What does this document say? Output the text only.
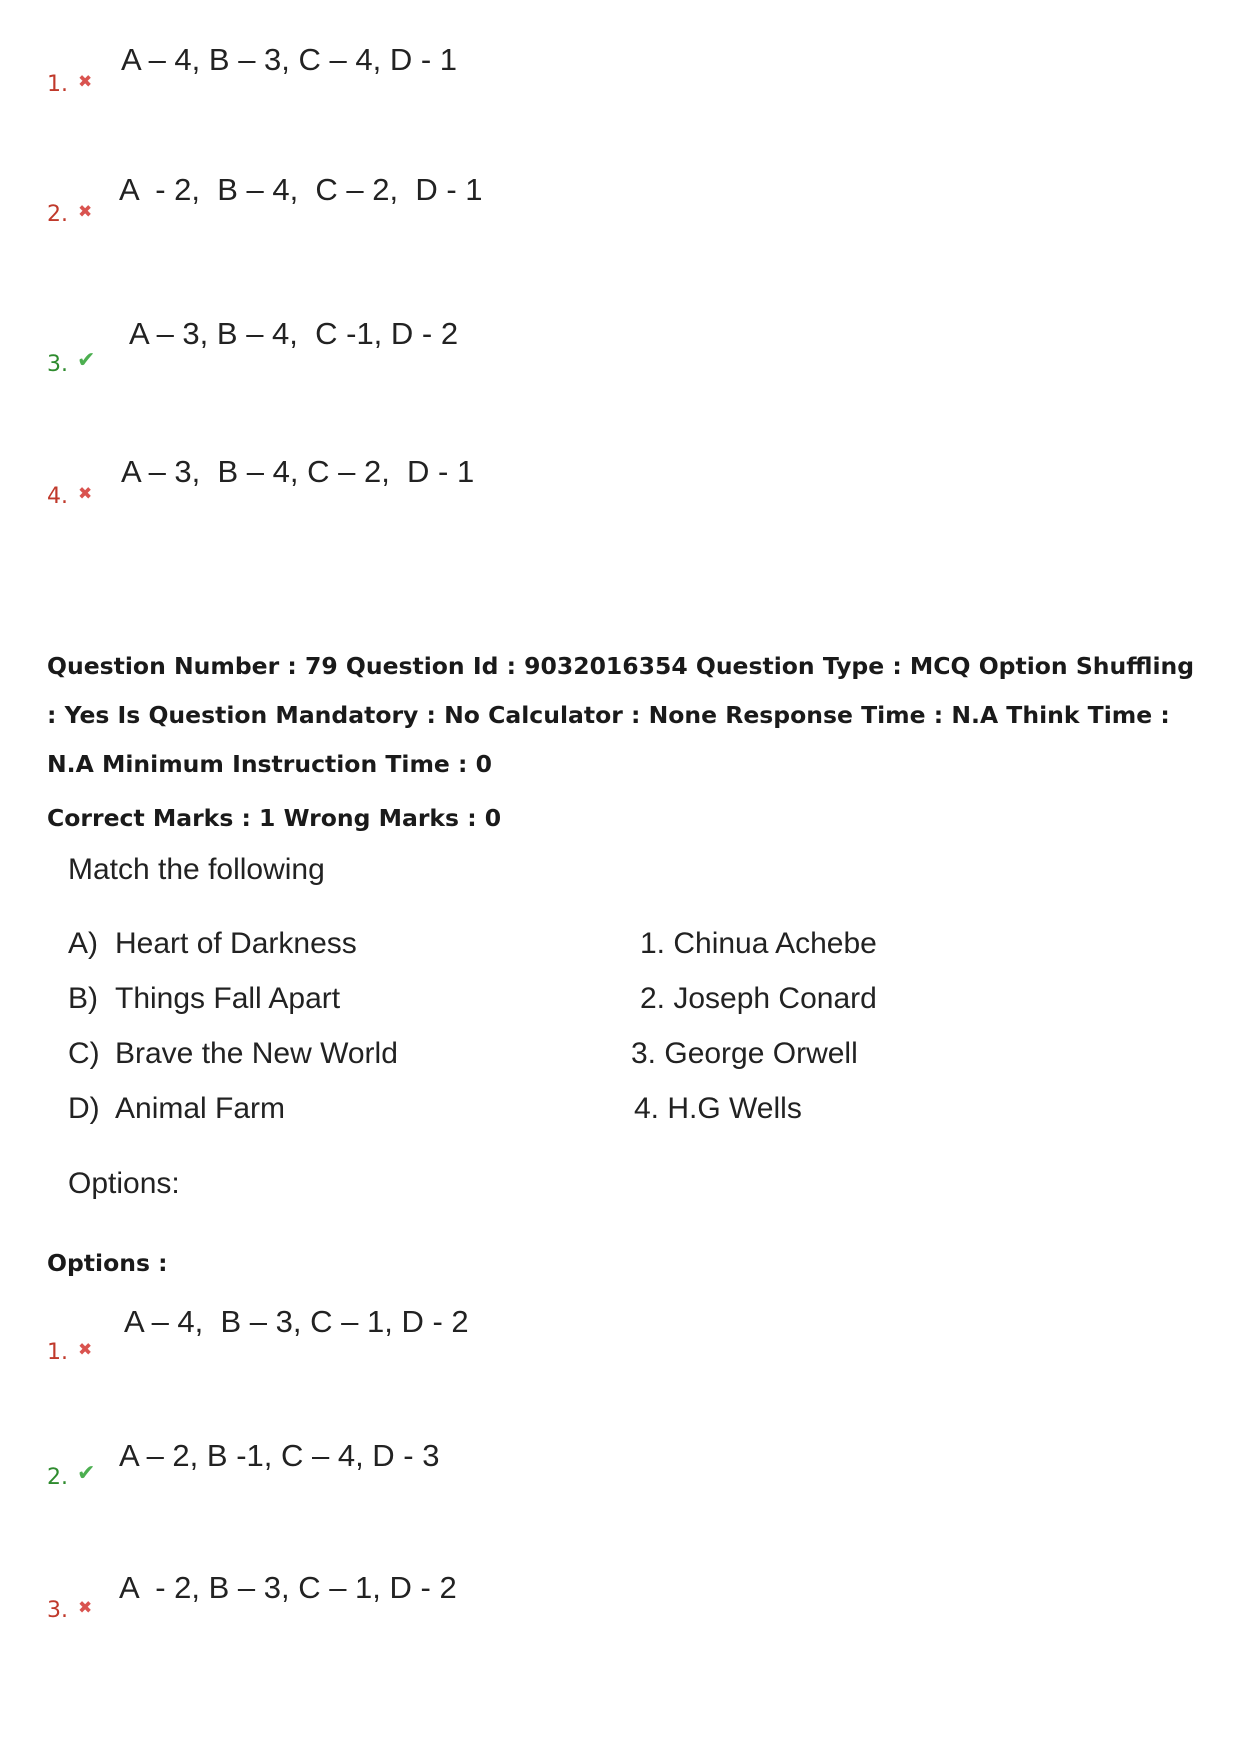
1. ✖
A – 4, B – 3, C – 4, D - 1
2. ✖
A  - 2,  B – 4,  C – 2,  D - 1
3. ✔
A – 3, B – 4,  C -1, D - 2
4. ✖
A – 3,  B – 4, C – 2,  D - 1
Question Number : 79 Question Id : 9032016354 Question Type : MCQ Option Shuffling : Yes Is Question Mandatory : No Calculator : None Response Time : N.A Think Time : N.A Minimum Instruction Time : 0
Correct Marks : 1 Wrong Marks : 0
Match the following
A) Heart of Darkness
B) Things Fall Apart
C) Brave the New World
D) Animal Farm
1. Chinua Achebe
2. Joseph Conard
3. George Orwell
4. H.G Wells
Options:
Options :
1. ✖
A – 4,  B – 3, C – 1, D - 2
2. ✔
A – 2, B -1, C – 4, D - 3
3. ✖
A  - 2, B – 3, C – 1, D - 2
